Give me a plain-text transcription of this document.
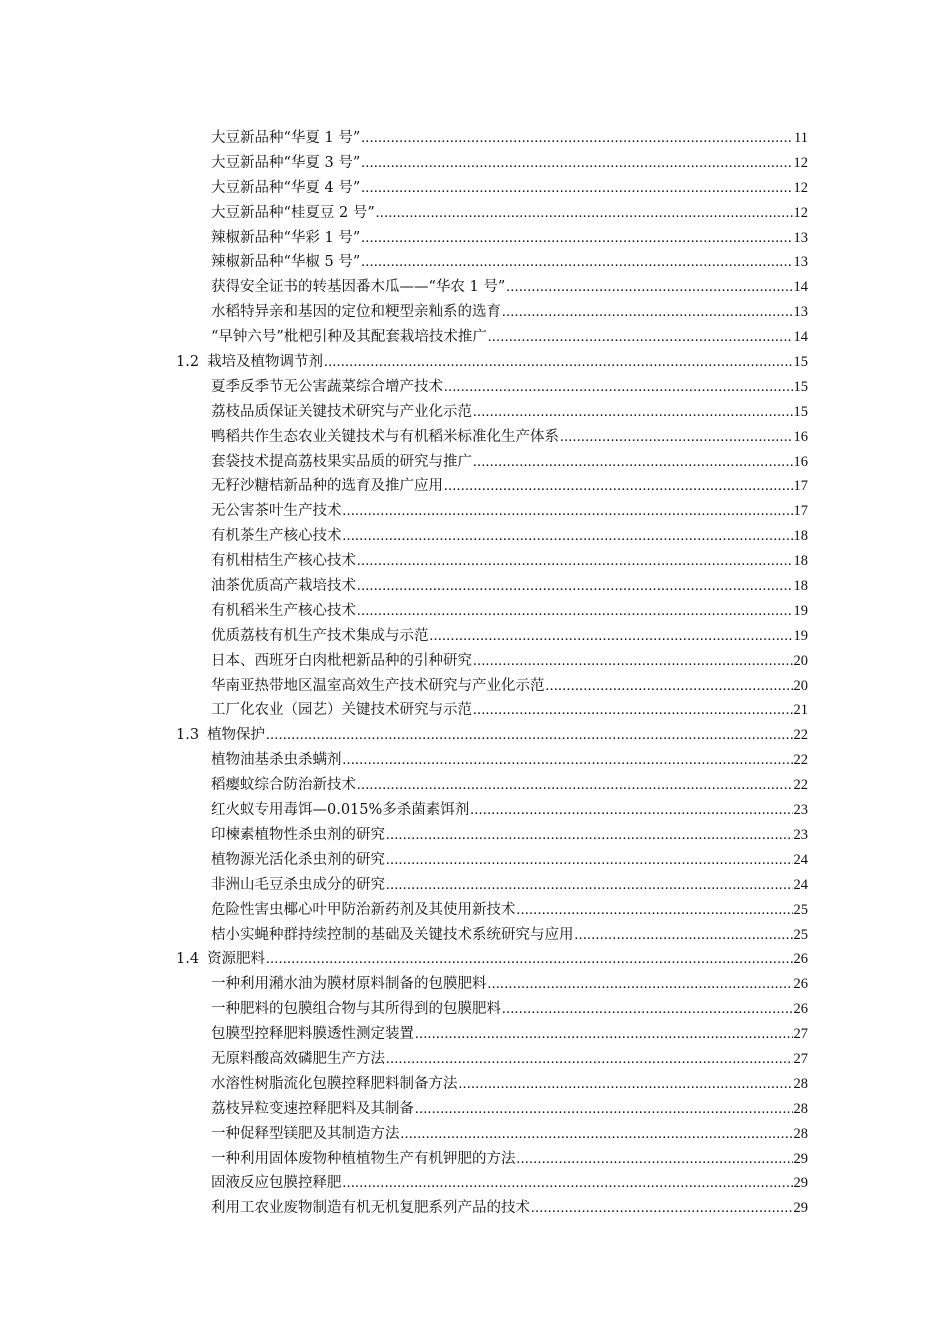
大豆新品种“华夏 1 号” .....	11
大豆新品种“华夏 3 号” .....	12
大豆新品种“华夏 4 号” .....	12
大豆新品种“桂夏豆 2 号” .....	12
辣椒新品种“华彩 1 号” .....	13
辣椒新品种“华椒 5 号” .....	13
获得安全证书的转基因番木瓜——“华农 1 号” .....	14
水稻特异亲和基因的定位和粳型亲籼系的选育 .....	13
“早钟六号”枇杷引种及其配套栽培技术推广 .....	14
1.2 栽培及植物调节剂 .....	15
夏季反季节无公害蔬菜综合增产技术 .....	15
荔枝品质保证关键技术研究与产业化示范 .....	15
鸭稻共作生态农业关键技术与有机稻米标准化生产体系 .....	16
套袋技术提高荔枝果实品质的研究与推广 .....	16
无籽沙糖桔新品种的选育及推广应用 .....	17
无公害茶叶生产技术 .....	17
有机茶生产核心技术 .....	18
有机柑桔生产核心技术 .....	18
油茶优质高产栽培技术 .....	18
有机稻米生产核心技术 .....	19
优质荔枝有机生产技术集成与示范 .....	19
日本、西班牙白肉枇杷新品种的引种研究 .....	20
华南亚热带地区温室高效生产技术研究与产业化示范 .....	20
工厂化农业（园艺）关键技术研究与示范 .....	21
1.3 植物保护 .....	22
植物油基杀虫杀螨剂 .....	22
稻瘿蚊综合防治新技术 .....	22
红火蚁专用毒饵—0.015%多杀菌素饵剂 .....	23
印楝素植物性杀虫剂的研究 .....	23
植物源光活化杀虫剂的研究 .....	24
非洲山毛豆杀虫成分的研究 .....	24
危险性害虫椰心叶甲防治新药剂及其使用新技术 .....	25
桔小实蝇种群持续控制的基础及关键技术系统研究与应用 .....	25
1.4 资源肥料 .....	26
一种利用潲水油为膜材原料制备的包膜肥料 .....	26
一种肥料的包膜组合物与其所得到的包膜肥料 .....	26
包膜型控释肥料膜透性测定装置 .....	27
无原料酸高效磷肥生产方法 .....	27
水溶性树脂流化包膜控释肥料制备方法 .....	28
荔枝异粒变速控释肥料及其制备 .....	28
一种促释型镁肥及其制造方法 .....	28
一种利用固体废物种植植物生产有机钾肥的方法 .....	29
固液反应包膜控释肥 .....	29
利用工农业废物制造有机无机复肥系列产品的技术 .....	29
